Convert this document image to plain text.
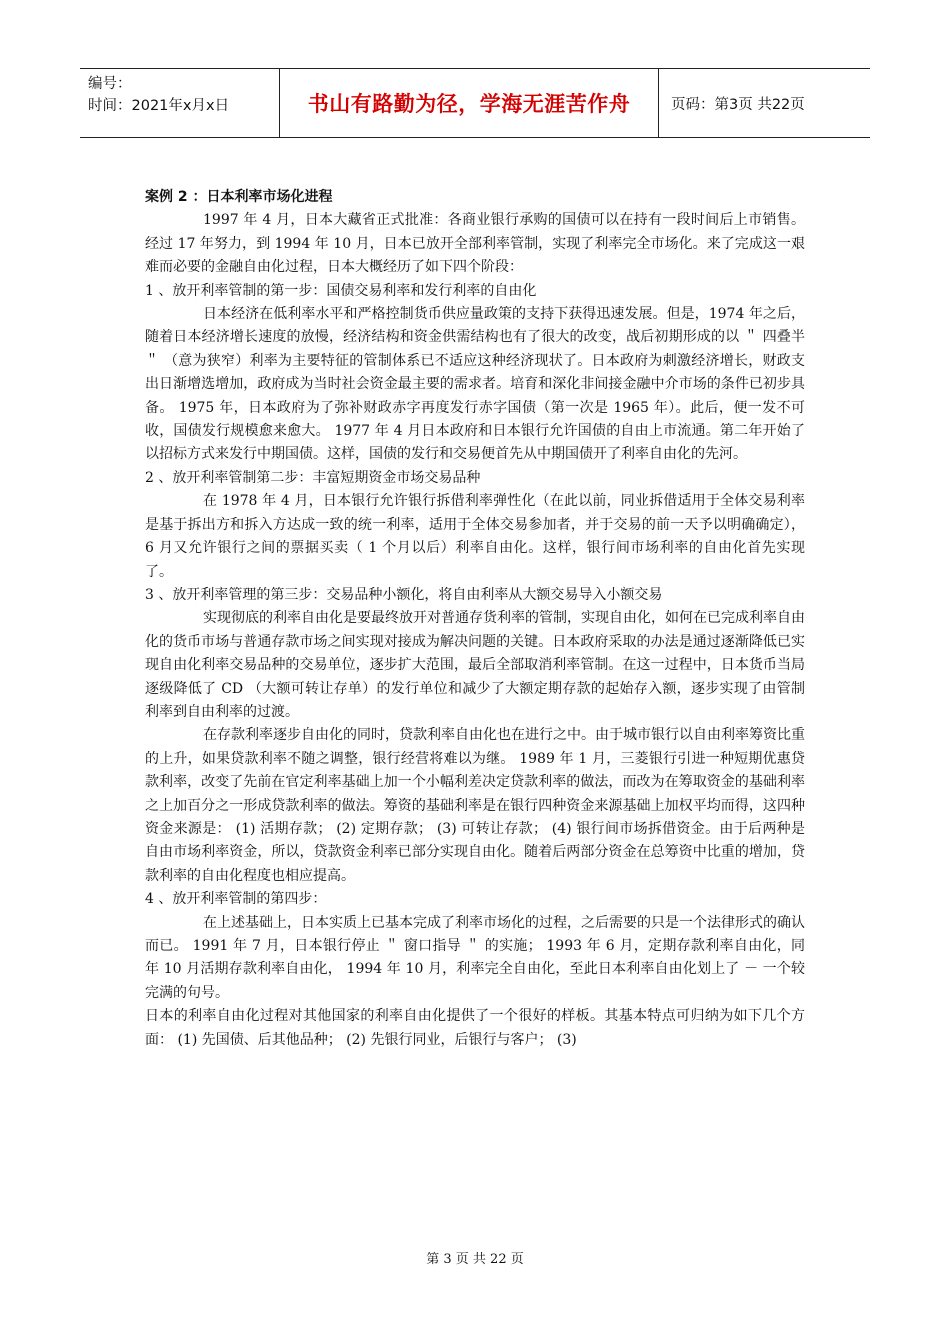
编号：
时间：2021年x月x日	书山有路勤为径，学海无涯苦作舟	页码：第3页 共22页

案例 2 ：日本利率市场化进程

1997 年 4 月，日本大藏省正式批准：各商业银行承购的国债可以在持有一段时间后上市销售。经过 17 年努力，到 1994 年 10 月，日本已放开全部利率管制，实现了利率完全市场化。来了完成这一艰难而必要的金融自由化过程，日本大概经历了如下四个阶段：

1 、放开利率管制的第一步：国债交易利率和发行利率的自由化

日本经济在低利率水平和严格控制货币供应量政策的支持下获得迅速发展。但是，1974 年之后，随着日本经济增长速度的放慢，经济结构和资金供需结构也有了很大的改变，战后初期形成的以 ＂ 四叠半 ＂ （意为狭窄）利率为主要特征的管制体系已不适应这种经济现状了。日本政府为刺激经济增长，财政支出日渐增选增加，政府成为当时社会资金最主要的需求者。培育和深化非间接金融中介市场的条件已初步具备。 1975 年，日本政府为了弥补财政赤字再度发行赤字国债（第一次是 1965 年）。此后，便一发不可收，国债发行规模愈来愈大。 1977 年 4 月日本政府和日本银行允许国债的自由上市流通。第二年开始了以招标方式来发行中期国债。这样，国债的发行和交易便首先从中期国债开了利率自由化的先河。

2 、放开利率管制第二步：丰富短期资金市场交易品种

在 1978 年 4 月，日本银行允许银行拆借利率弹性化（在此以前，同业拆借适用于全体交易利率是基于拆出方和拆入方达成一致的统一利率，适用于全体交易参加者，并于交易的前一天予以明确确定）， 6 月又允许银行之间的票据买卖（ 1 个月以后）利率自由化。这样，银行间市场利率的自由化首先实现了。

3 、放开利率管理的第三步：交易品种小额化，将自由利率从大额交易导入小额交易

实现彻底的利率自由化是要最终放开对普通存货利率的管制，实现自由化，如何在已完成利率自由化的货币市场与普通存款市场之间实现对接成为解决问题的关键。日本政府采取的办法是通过逐渐降低已实现自由化利率交易品种的交易单位，逐步扩大范围，最后全部取消利率管制。在这一过程中，日本货币当局逐级降低了 CD （大额可转让存单）的发行单位和减少了大额定期存款的起始存入额，逐步实现了由管制利率到自由利率的过渡。

在存款利率逐步自由化的同时，贷款利率自由化也在进行之中。由于城市银行以自由利率筹资比重的上升，如果贷款利率不随之调整，银行经营将难以为继。 1989 年 1 月，三菱银行引进一种短期优惠贷款利率，改变了先前在官定利率基础上加一个小幅利差决定贷款利率的做法，而改为在筹取资金的基础利率之上加百分之一形成贷款利率的做法。筹资的基础利率是在银行四种资金来源基础上加权平均而得，这四种资金来源是： (1) 活期存款； (2) 定期存款； (3) 可转让存款； (4) 银行间市场拆借资金。由于后两种是自由市场利率资金，所以，贷款资金利率已部分实现自由化。随着后两部分资金在总筹资中比重的增加，贷款利率的自由化程度也相应提高。

4 、放开利率管制的第四步：

在上述基础上，日本实质上已基本完成了利率市场化的过程，之后需要的只是一个法律形式的确认而已。 1991 年 7 月，日本银行停止 ＂ 窗口指导 ＂ 的实施； 1993 年 6 月，定期存款利率自由化，同年 10 月活期存款利率自由化， 1994 年 10 月，利率完全自由化，至此日本利率自由化划上了 － 一个较完满的句号。

日本的利率自由化过程对其他国家的利率自由化提供了一个很好的样板。其基本特点可归纳为如下几个方面： (1) 先国债、后其他品种； (2) 先银行同业，后银行与客户； (3)

第 3 页 共 22 页
